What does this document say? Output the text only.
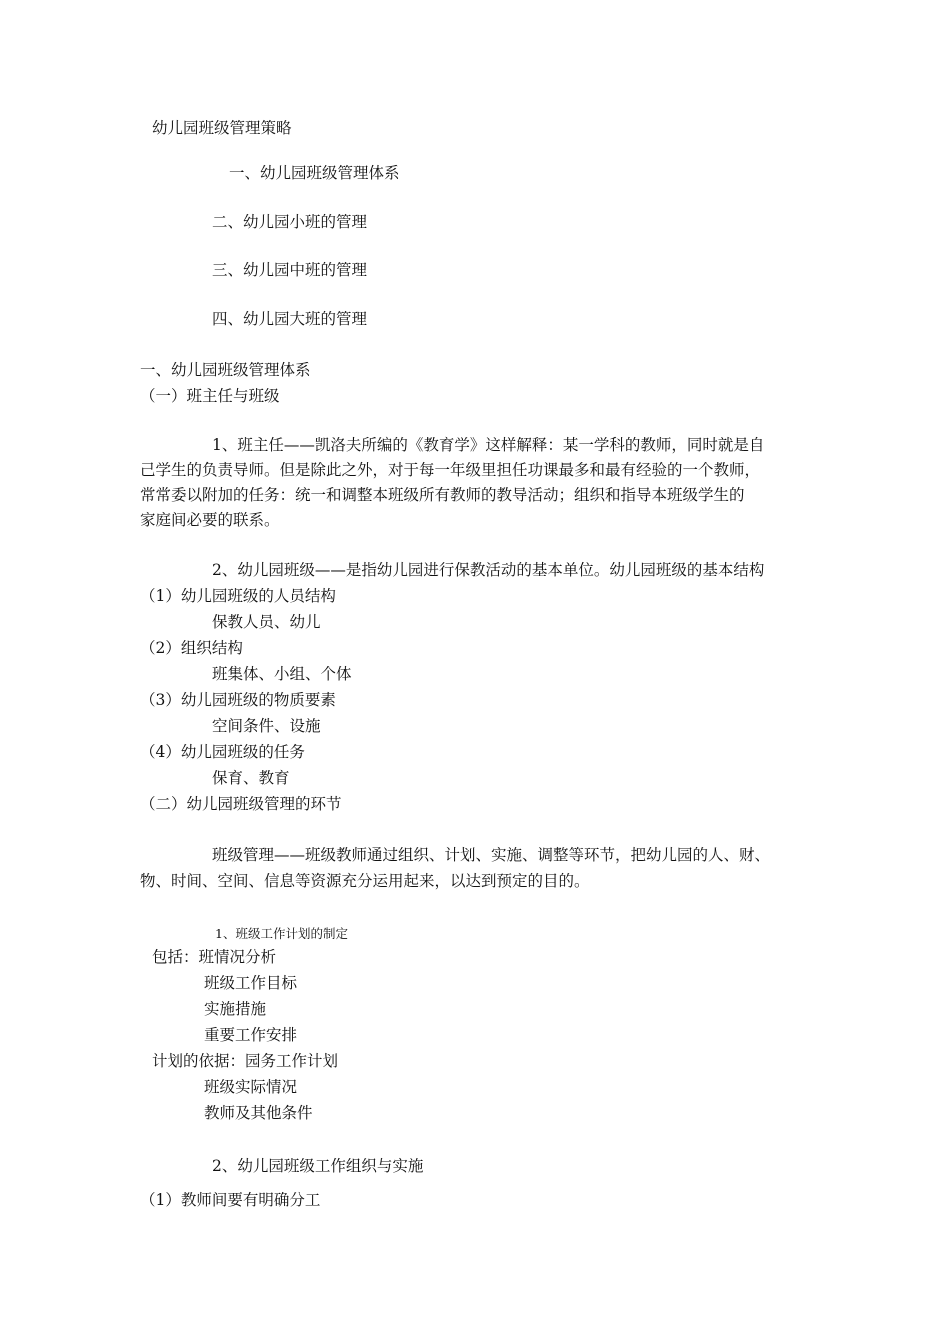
幼儿园班级管理策略
一、幼儿园班级管理体系
二、幼儿园小班的管理
三、幼儿园中班的管理
四、幼儿园大班的管理
一、幼儿园班级管理体系
（一）班主任与班级
1、班主任——凯洛夫所编的《教育学》这样解释：某一学科的教师，同时就是自
己学生的负责导师。但是除此之外，对于每一年级里担任功课最多和最有经验的一个教师，
常常委以附加的任务：统一和调整本班级所有教师的教导活动；组织和指导本班级学生的
家庭间必要的联系。
2、幼儿园班级——是指幼儿园进行保教活动的基本单位。幼儿园班级的基本结构
（1）幼儿园班级的人员结构
保教人员、幼儿
（2）组织结构
班集体、小组、个体
（3）幼儿园班级的物质要素
空间条件、设施
（4）幼儿园班级的任务
保育、教育
（二）幼儿园班级管理的环节
班级管理——班级教师通过组织、计划、实施、调整等环节，把幼儿园的人、财、
物、时间、空间、信息等资源充分运用起来，以达到预定的目的。
1、班级工作计划的制定
包括：班情况分析
班级工作目标
实施措施
重要工作安排
计划的依据：园务工作计划
班级实际情况
教师及其他条件
2、幼儿园班级工作组织与实施
（1）教师间要有明确分工
